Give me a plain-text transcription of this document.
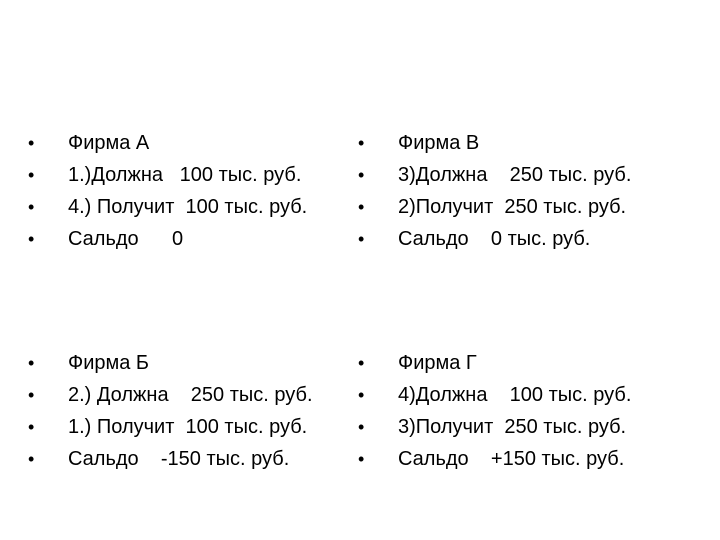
• Фирма А
• 1.)Должна   100 тыс. руб.
• 4.) Получит  100 тыс. руб.
• Сальдо      0
• Фирма В
• 3)Должна    250 тыс. руб.
• 2)Получит  250 тыс. руб.
• Сальдо    0 тыс. руб.
• Фирма Б
• 2.) Должна    250 тыс. руб.
• 1.) Получит  100 тыс. руб.
• Сальдо    -150 тыс. руб.
• Фирма Г
• 4)Должна    100 тыс. руб.
• 3)Получит  250 тыс. руб.
• Сальдо    +150 тыс. руб.
